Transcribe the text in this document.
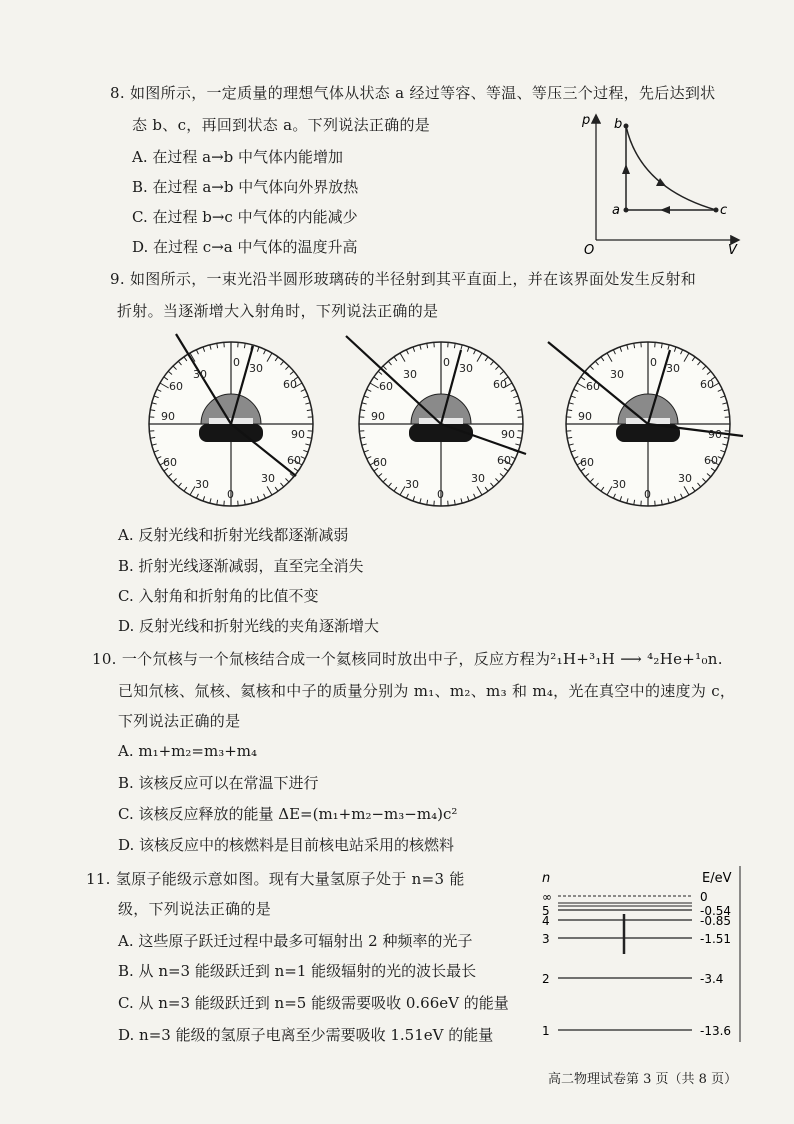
8. 如图所示，一定质量的理想气体从状态 a 经过等容、等温、等压三个过程，先后达到状
态 b、c，再回到状态 a。下列说法正确的是
A. 在过程 a→b 中气体内能增加
B. 在过程 a→b 中气体向外界放热
C. 在过程 b→c 中气体的内能减少
D. 在过程 c→a 中气体的温度升高
p
V
O
b
a	c
9. 如图所示，一束光沿半圆形玻璃砖的半径射到其平直面上，并在该界面处发生反射和
折射。当逐渐增大入射角时，下列说法正确的是
0
30
60
90
0
30
60
90
30
60
30
60
0
30
60
90
0
30
60
90
30
60
30
60
0
30
60
90
0
30
60
90
30
60
30
60
A. 反射光线和折射光线都逐渐减弱
B. 折射光线逐渐减弱，直至完全消失
C. 入射角和折射角的比值不变
D. 反射光线和折射光线的夹角逐渐增大
10. 一个氘核与一个氚核结合成一个氦核同时放出中子，反应方程为²₁H+³₁H ⟶ ⁴₂He+¹₀n.
已知氘核、氚核、氦核和中子的质量分别为 m₁、m₂、m₃ 和 m₄，光在真空中的速度为 c，
下列说法正确的是
A. m₁+m₂=m₃+m₄
B. 该核反应可以在常温下进行
C. 该核反应释放的能量 ΔE=(m₁+m₂−m₃−m₄)c²
D. 该核反应中的核燃料是目前核电站采用的核燃料
11. 氢原子能级示意如图。现有大量氢原子处于 n=3 能
级，下列说法正确的是
A. 这些原子跃迁过程中最多可辐射出 2 种频率的光子
B. 从 n=3 能级跃迁到 n=1 能级辐射的光的波长最长
C. 从 n=3 能级跃迁到 n=5 能级需要吸收 0.66eV 的能量
D. n=3 能级的氢原子电离至少需要吸收 1.51eV 的能量
n	E/eV
∞	0
5	-0.54
4	-0.85
3	-1.51
2	-3.4
1	-13.6
高二物理试卷第 3 页（共 8 页）
